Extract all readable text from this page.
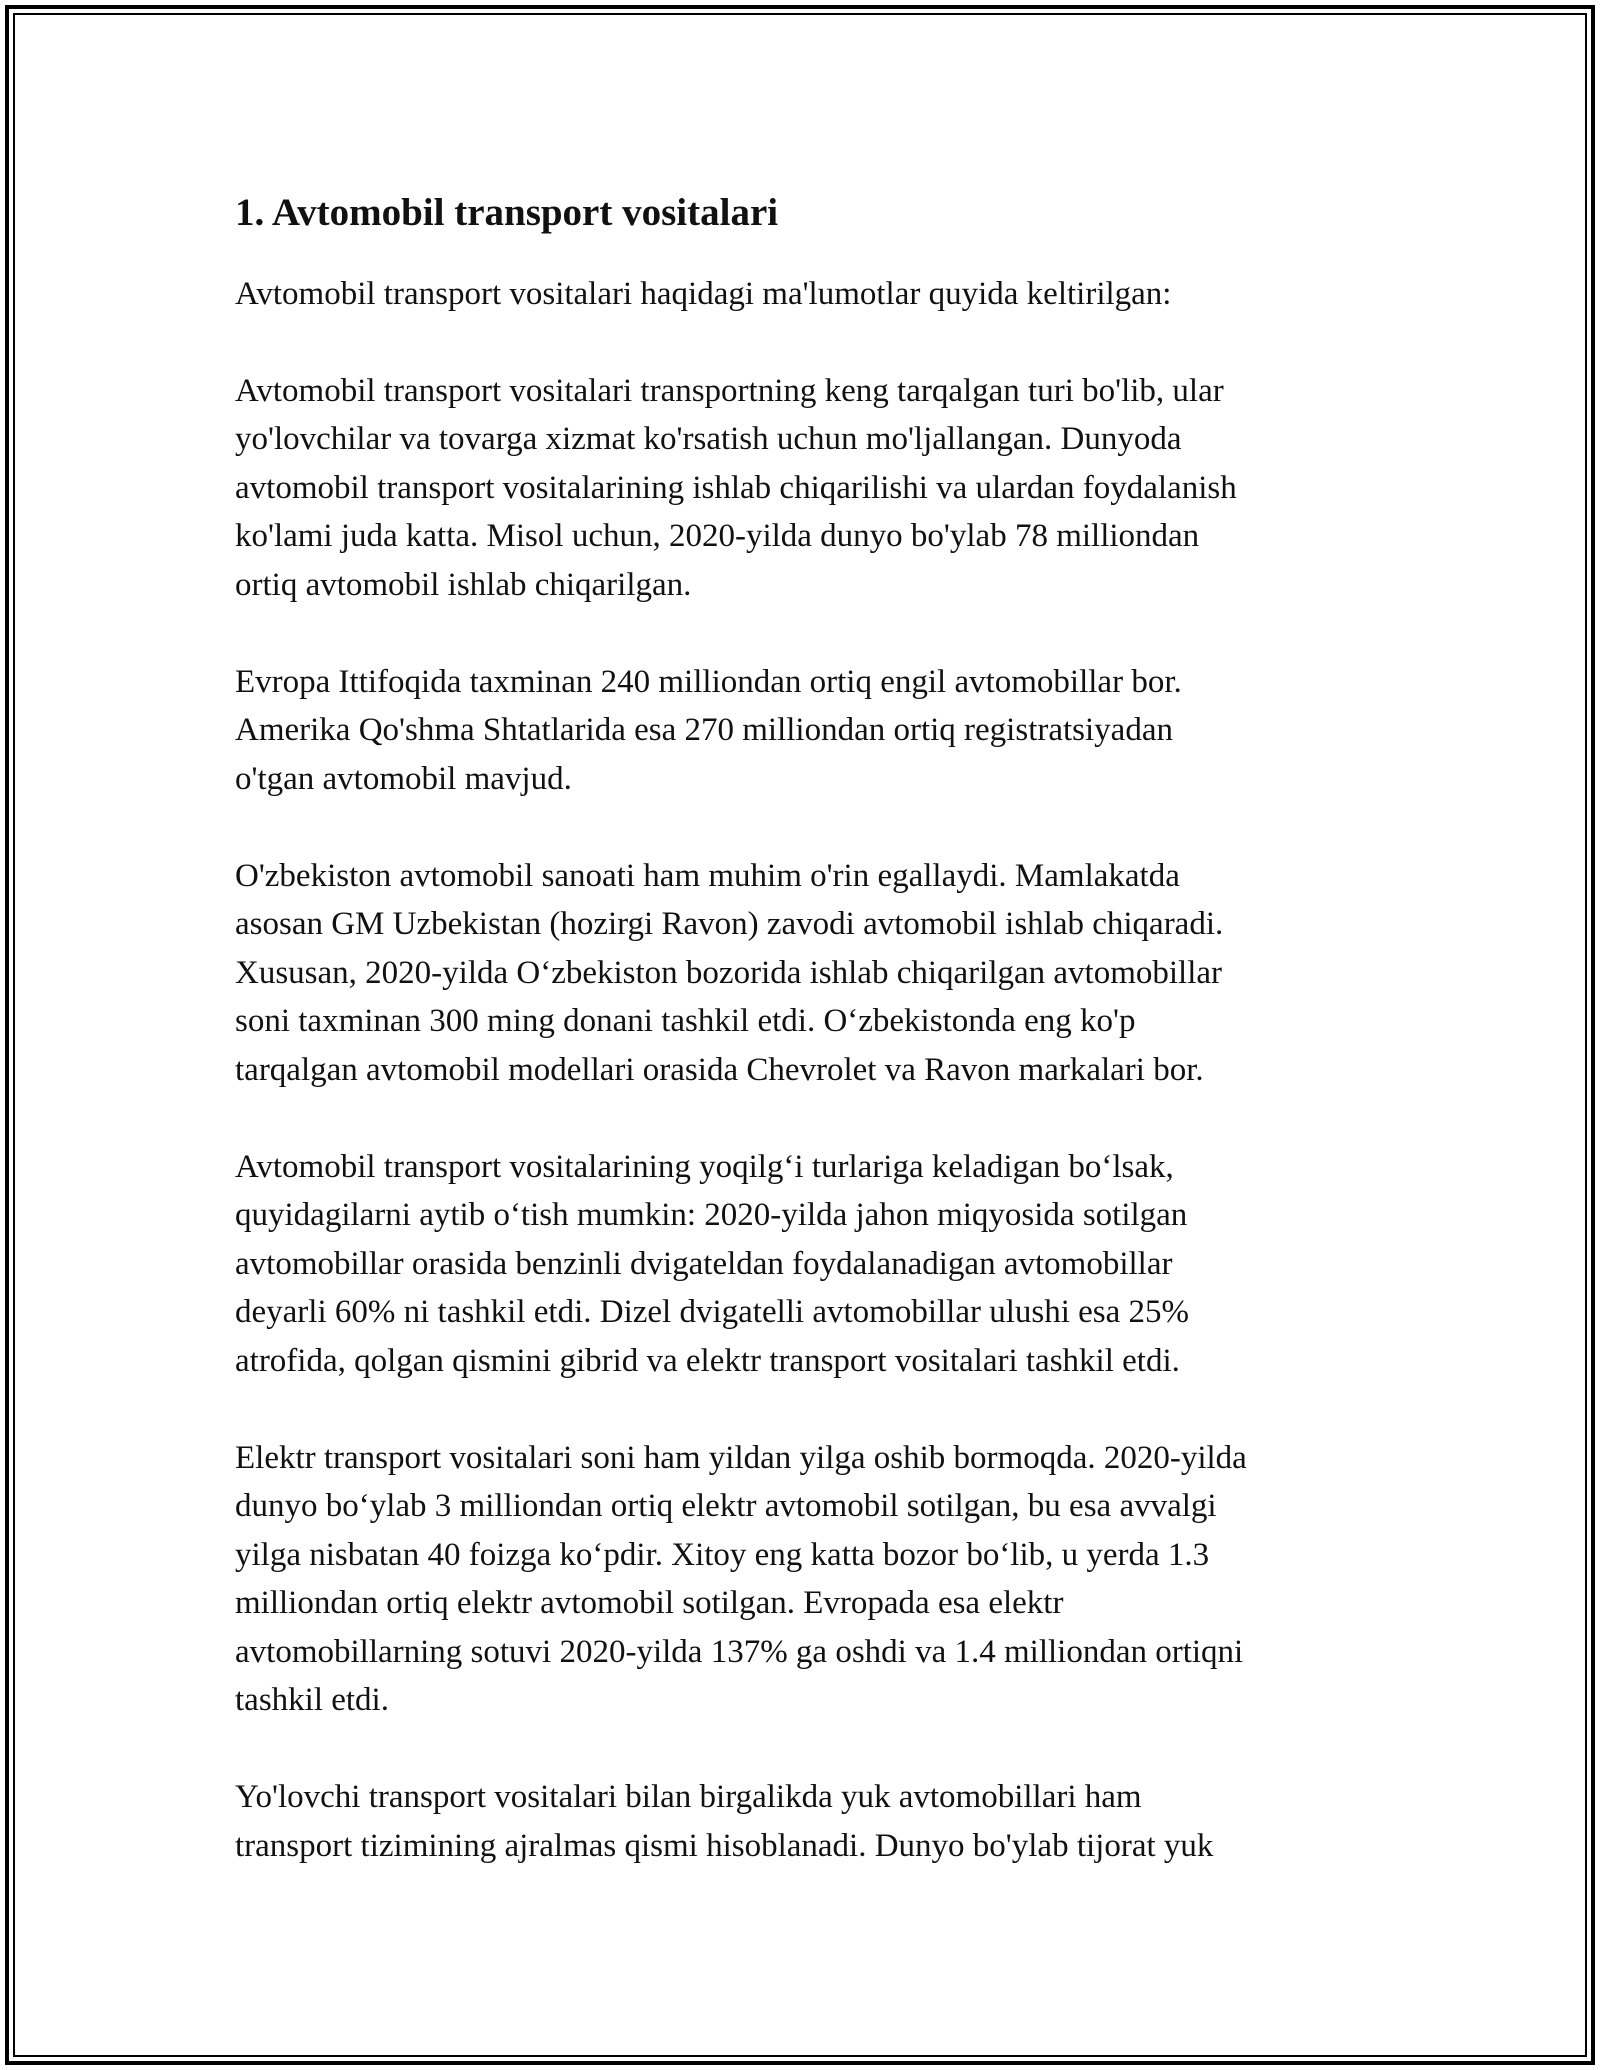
1. Avtomobil transport vositalari

Avtomobil transport vositalari haqidagi ma'lumotlar quyida keltirilgan:

Avtomobil transport vositalari transportning keng tarqalgan turi bo'lib, ular
yo'lovchilar va tovarga xizmat ko'rsatish uchun mo'ljallangan. Dunyoda
avtomobil transport vositalarining ishlab chiqarilishi va ulardan foydalanish
ko'lami juda katta. Misol uchun, 2020-yilda dunyo bo'ylab 78 milliondan
ortiq avtomobil ishlab chiqarilgan.

Evropa Ittifoqida taxminan 240 milliondan ortiq engil avtomobillar bor.
Amerika Qo'shma Shtatlarida esa 270 milliondan ortiq registratsiyadan
o'tgan avtomobil mavjud.

O'zbekiston avtomobil sanoati ham muhim o'rin egallaydi. Mamlakatda
asosan GM Uzbekistan (hozirgi Ravon) zavodi avtomobil ishlab chiqaradi.
Xususan, 2020-yilda O‘zbekiston bozorida ishlab chiqarilgan avtomobillar
soni taxminan 300 ming donani tashkil etdi. O‘zbekistonda eng ko'p
tarqalgan avtomobil modellari orasida Chevrolet va Ravon markalari bor.

Avtomobil transport vositalarining yoqilg‘i turlariga keladigan bo‘lsak,
quyidagilarni aytib o‘tish mumkin: 2020-yilda jahon miqyosida sotilgan
avtomobillar orasida benzinli dvigateldan foydalanadigan avtomobillar
deyarli 60% ni tashkil etdi. Dizel dvigatelli avtomobillar ulushi esa 25%
atrofida, qolgan qismini gibrid va elektr transport vositalari tashkil etdi.

Elektr transport vositalari soni ham yildan yilga oshib bormoqda. 2020-yilda
dunyo bo‘ylab 3 milliondan ortiq elektr avtomobil sotilgan, bu esa avvalgi
yilga nisbatan 40 foizga ko‘pdir. Xitoy eng katta bozor bo‘lib, u yerda 1.3
milliondan ortiq elektr avtomobil sotilgan. Evropada esa elektr
avtomobillarning sotuvi 2020-yilda 137% ga oshdi va 1.4 milliondan ortiqni
tashkil etdi.

Yo'lovchi transport vositalari bilan birgalikda yuk avtomobillari ham
transport tizimining ajralmas qismi hisoblanadi. Dunyo bo'ylab tijorat yuk
